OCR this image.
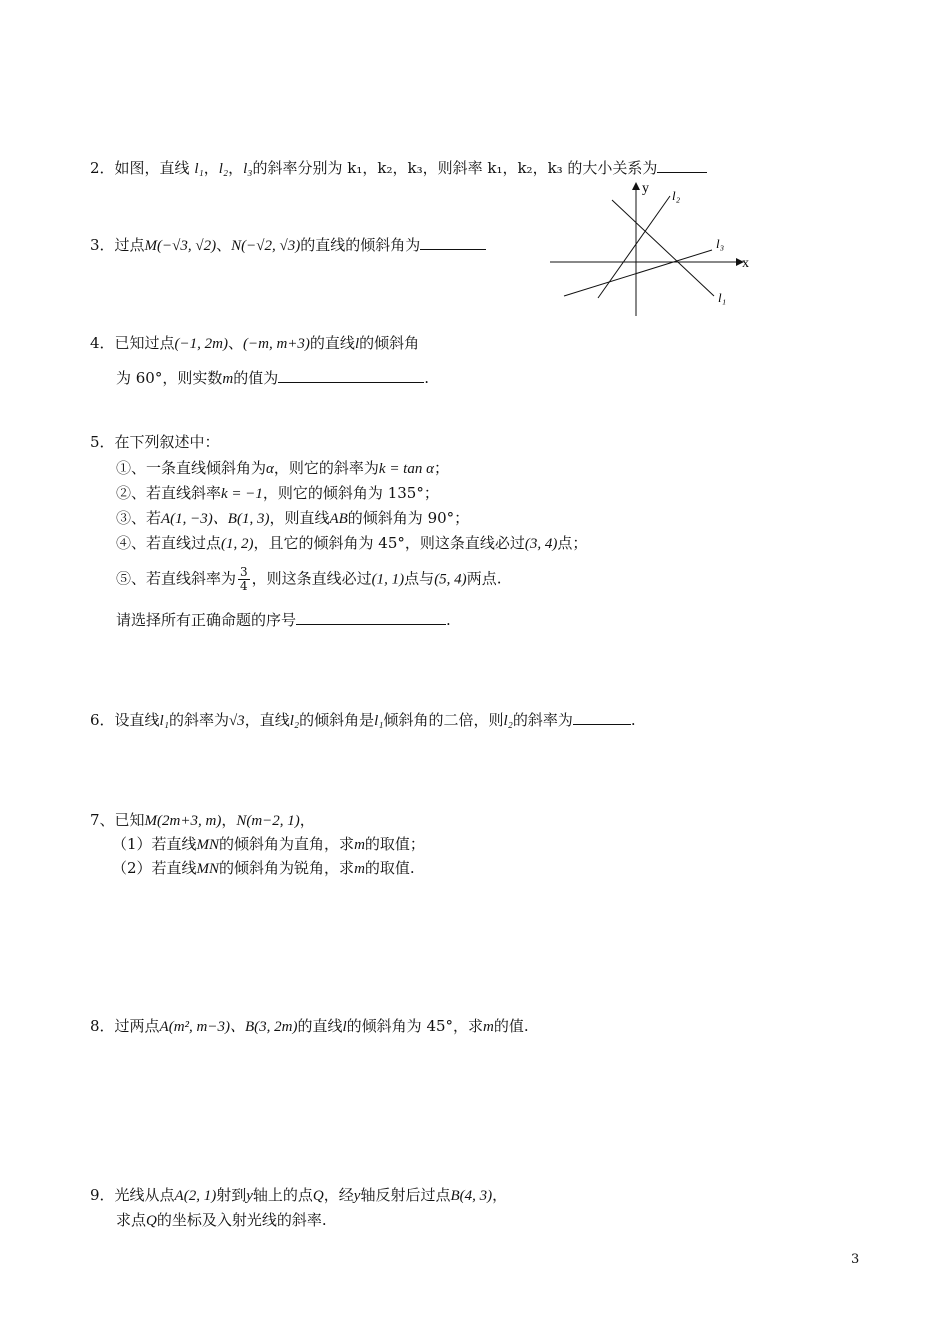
2．如图，直线 l₁，l₂，l₃的斜率分别为 k₁，k₂，k₃，则斜率 k₁，k₂，k₃ 的大小关系为
3．过点M(−√3, √2)、N(−√2, √3)的直线的倾斜角为
y
x
l₂
l₃
l₁
4．已知过点(−1, 2m)、(−m, m+3)的直线l的倾斜角
为 60°，则实数m的值为	.
5．在下列叙述中：
①、一条直线倾斜角为α，则它的斜率为k = tan α；
②、若直线斜率k = −1，则它的倾斜角为 135°；
③、若A(1, −3)、B(1, 3)，则直线AB的倾斜角为 90°；
④、若直线过点(1, 2)，且它的倾斜角为 45°，则这条直线必过(3, 4)点；
⑤、若直线斜率为 $\frac{3}{4}$ ，则这条直线必过(1, 1)点与(5, 4)两点.
请选择所有正确命题的序号	.
6．设直线l₁的斜率为√3，直线l₂的倾斜角是l₁倾斜角的二倍，则l₂的斜率为	.
7、已知M(2m+3, m)，N(m−2, 1)，
（1）若直线MN的倾斜角为直角，求m的取值；
（2）若直线MN的倾斜角为锐角，求m的取值.
8．过两点A(m², m−3)、B(3, 2m)的直线l的倾斜角为 45°，求m的值.
9．光线从点A(2, 1)射到y轴上的点Q，经y轴反射后过点B(4, 3)，
求点Q的坐标及入射光线的斜率.
3
